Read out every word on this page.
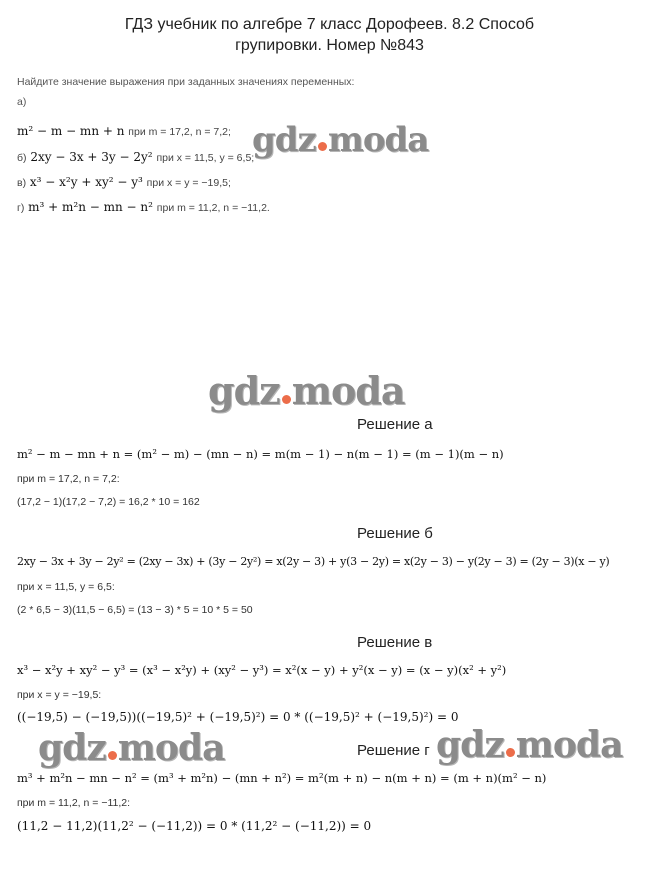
ГДЗ учебник по алгебре 7 класс Дорофеев. 8.2 Способ
групировки. Номер №843
Найдите значение выражения при заданных значениях переменных:
а)
m² − m − mn + n при m = 17,2, n = 7,2;
б) 2xy − 3x + 3y − 2y² при x = 11,5, y = 6,5;
в) x³ − x²y + xy² − y³ при x = y = −19,5;
г) m³ + m²n − mn − n² при m = 11,2, n = −11,2.
gdz moda
gdz moda
gdz moda	gdz moda
Решение а
m² − m − mn + n = (m² − m) − (mn − n) = m(m − 1) − n(m − 1) = (m − 1)(m − n)
при m = 17,2, n = 7,2:
(17,2 − 1)(17,2 − 7,2) = 16,2 * 10 = 162
Решение б
2xy − 3x + 3y − 2y² = (2xy − 3x) + (3y − 2y²) = x(2y − 3) + y(3 − 2y) = x(2y − 3) − y(2y − 3) = (2y − 3)(x − y)
при x = 11,5, y = 6,5:
(2 * 6,5 − 3)(11,5 − 6,5) = (13 − 3) * 5 = 10 * 5 = 50
Решение в
x³ − x²y + xy² − y³ = (x³ − x²y) + (xy² − y³) = x²(x − y) + y²(x − y) = (x − y)(x² + y²)
при x = y = −19,5:
((−19,5) − (−19,5))((−19,5)² + (−19,5)²) = 0 * ((−19,5)² + (−19,5)²) = 0
Решение г
m³ + m²n − mn − n² = (m³ + m²n) − (mn + n²) = m²(m + n) − n(m + n) = (m + n)(m² − n)
при m = 11,2, n = −11,2:
(11,2 − 11,2)(11,2² − (−11,2)) = 0 * (11,2² − (−11,2)) = 0
